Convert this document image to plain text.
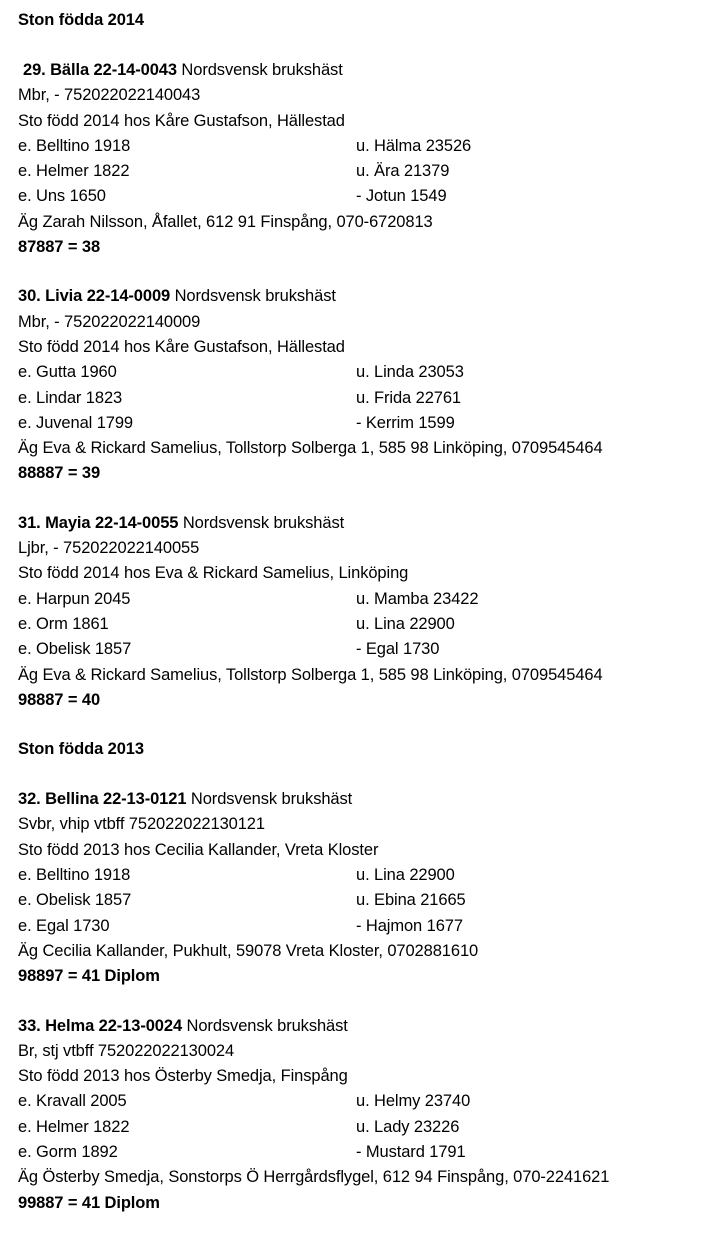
Ston födda 2014
29. Bälla 22-14-0043 Nordsvensk brukshäst
Mbr, - 752022022140043
Sto född 2014 hos Kåre Gustafson, Hällestad
e. Belltino 1918	u. Hälma 23526
e. Helmer 1822	u. Ära 21379
e. Uns 1650	- Jotun 1549
Äg Zarah Nilsson, Åfallet, 612 91 Finspång, 070-6720813
87887 = 38
30. Livia 22-14-0009 Nordsvensk brukshäst
Mbr, - 752022022140009
Sto född 2014 hos Kåre Gustafson, Hällestad
e. Gutta 1960	u. Linda 23053
e. Lindar 1823	u. Frida 22761
e. Juvenal 1799	- Kerrim 1599
Äg Eva & Rickard Samelius, Tollstorp Solberga 1, 585 98 Linköping, 0709545464
88887 = 39
31. Mayia 22-14-0055 Nordsvensk brukshäst
Ljbr, - 752022022140055
Sto född 2014 hos Eva & Rickard Samelius, Linköping
e. Harpun 2045	u. Mamba 23422
e. Orm 1861	u. Lina 22900
e. Obelisk 1857	- Egal 1730
Äg Eva & Rickard Samelius, Tollstorp Solberga 1, 585 98 Linköping, 0709545464
98887 = 40
Ston födda 2013
32. Bellina 22-13-0121 Nordsvensk brukshäst
Svbr, vhip vtbff 752022022130121
Sto född 2013 hos Cecilia Kallander, Vreta Kloster
e. Belltino 1918	u. Lina 22900
e. Obelisk 1857	u. Ebina 21665
e. Egal 1730	- Hajmon 1677
Äg Cecilia Kallander, Pukhult, 59078 Vreta Kloster, 0702881610
98897 = 41 Diplom
33. Helma 22-13-0024 Nordsvensk brukshäst
Br, stj vtbff 752022022130024
Sto född 2013 hos Österby Smedja, Finspång
e. Kravall 2005	u. Helmy 23740
e. Helmer 1822	u. Lady 23226
e. Gorm 1892	- Mustard 1791
Äg Österby Smedja, Sonstorps Ö Herrgårdsflygel, 612 94 Finspång, 070-2241621
99887 = 41 Diplom
